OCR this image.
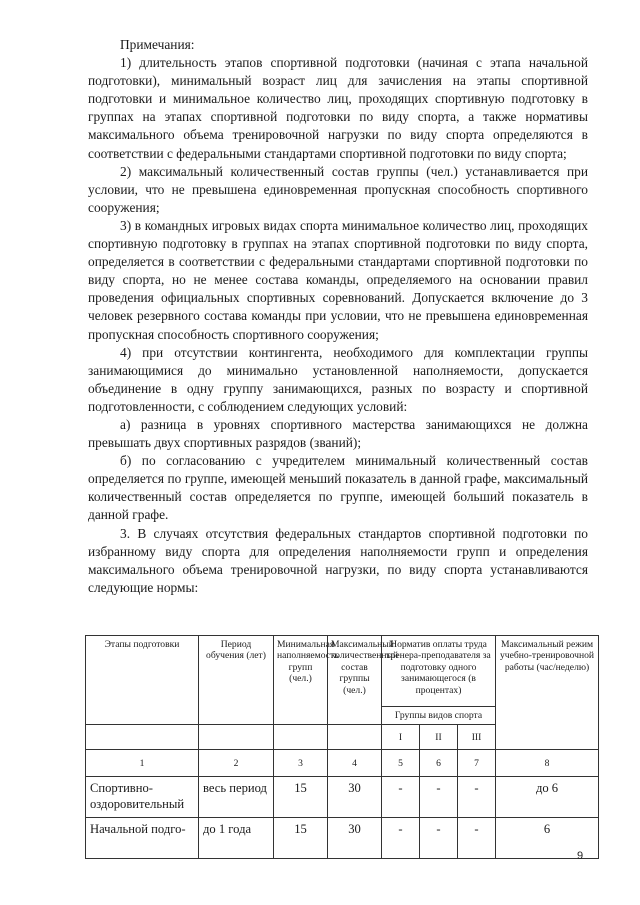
Примечания:

1) длительность этапов спортивной подготовки (начиная с этапа начальной подготовки), минимальный возраст лиц для зачисления на этапы спортивной подготовки и минимальное количество лиц, проходящих спортивную подготовку в группах на этапах спортивной подготовки по виду спорта, а также нормативы максимального объема тренировочной нагрузки по виду спорта определяются в соответствии с федеральными стандартами спортивной подготовки по виду спорта;

2) максимальный количественный состав группы (чел.) устанавливается при условии, что не превышена единовременная пропускная способность спортивного сооружения;

3) в командных игровых видах спорта минимальное количество лиц, проходящих спортивную подготовку в группах на этапах спортивной подготовки по виду спорта, определяется в соответствии с федеральными стандартами спортивной подготовки по виду спорта, но не менее состава команды, определяемого на основании правил проведения официальных спортивных соревнований. Допускается включение до 3 человек резервного состава команды при условии, что не превышена единовременная пропускная способность спортивного сооружения;

4) при отсутствии контингента, необходимого для комплектации группы занимающимися до минимально установленной наполняемости, допускается объединение в одну группу занимающихся, разных по возрасту и спортивной подготовленности, с соблюдением следующих условий:

а) разница в уровнях спортивного мастерства занимающихся не должна превышать двух спортивных разрядов (званий);

б) по согласованию с учредителем минимальный количественный состав определяется по группе, имеющей меньший показатель в данной графе, максимальный количественный состав определяется по группе, имеющей больший показатель в данной графе.

3. В случаях отсутствия федеральных стандартов спортивной подготовки по избранному виду спорта для определения наполняемости групп и определения максимального объема тренировочной нагрузки, по виду спорта устанавливаются следующие нормы:

Этапы подготовки	Период обучения (лет)	Минимальная наполняемость групп (чел.)	Максимальный количественный состав группы (чел.)	Норматив оплаты труда тренера-преподавателя за подготовку одного занимающегося (в процентах)			Максимальный режим учебно-тренировочной работы (час/неделю)
				Группы видов спорта			
				I	II	III	
1	2	3	4	5	6	7	8
Спортивно-оздоровительный	весь период	15	30	-	-	-	до 6
Начальной подго-	до 1 года	15	30	-	-	-	6
9
